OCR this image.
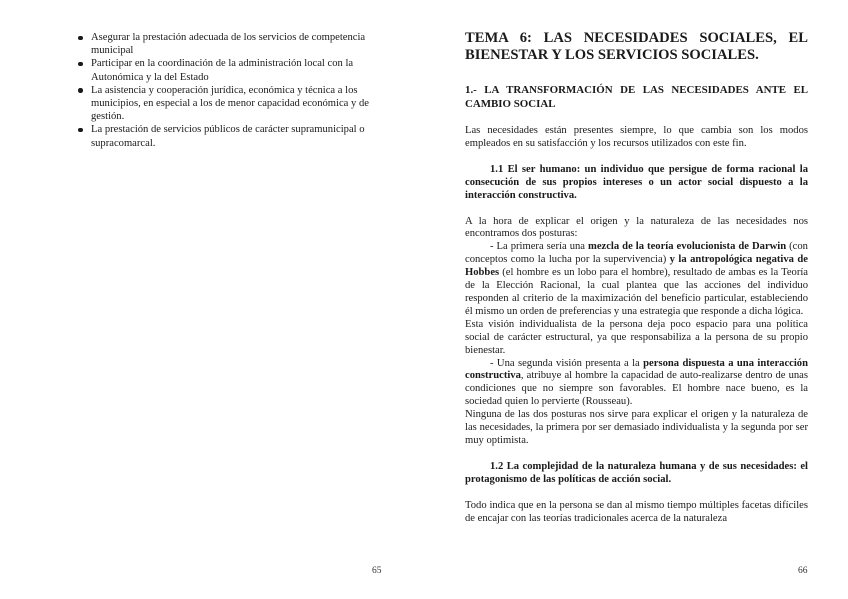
Asegurar la prestación adecuada de los servicios de competencia municipal
Participar en la coordinación de la administración local con la Autonómica y la del Estado
La asistencia y cooperación jurídica, económica y técnica a los municipios, en especial a los de menor capacidad económica y de gestión.
La prestación de servicios públicos de carácter supramunicipal o supracomarcal.
65
TEMA 6: LAS NECESIDADES SOCIALES, EL BIENESTAR Y LOS SERVICIOS SOCIALES.
1.- LA TRANSFORMACIÓN DE LAS NECESIDADES ANTE EL CAMBIO SOCIAL

Las necesidades están presentes siempre, lo que cambia son los modos empleados en su satisfacción y los recursos utilizados con este fin.

1.1 El ser humano: un individuo que persigue de forma racional la consecución de sus propios intereses o un actor social dispuesto a la interacción constructiva.

A la hora de explicar el origen y la naturaleza de las necesidades nos encontramos dos posturas:

- La primera sería una mezcla de la teoría evolucionista de Darwin (con conceptos como la lucha por la supervivencia) y la antropológica negativa de Hobbes (el hombre es un lobo para el hombre), resultado de ambas es la Teoría de la Elección Racional, la cual plantea que las acciones del individuo responden al criterio de la maximización del beneficio particular, estableciendo él mismo un orden de preferencias y una estrategia que responde a dicha lógica.

Esta visión individualista de la persona deja poco espacio para una política social de carácter estructural, ya que responsabiliza a la persona de su propio bienestar.

- Una segunda visión presenta a la persona dispuesta a una interacción constructiva, atribuye al hombre la capacidad de auto-realizarse dentro de unas condiciones que no siempre son favorables. El hombre nace bueno, es la sociedad quien lo pervierte (Rousseau).

Ninguna de las dos posturas nos sirve para explicar el origen y la naturaleza de las necesidades, la primera por ser demasiado individualista y la segunda por ser muy optimista.

1.2 La complejidad de la naturaleza humana y de sus necesidades: el protagonismo de las políticas de acción social.

Todo indica que en la persona se dan al mismo tiempo múltiples facetas difíciles de encajar con las teorías tradicionales acerca de la naturaleza

66
